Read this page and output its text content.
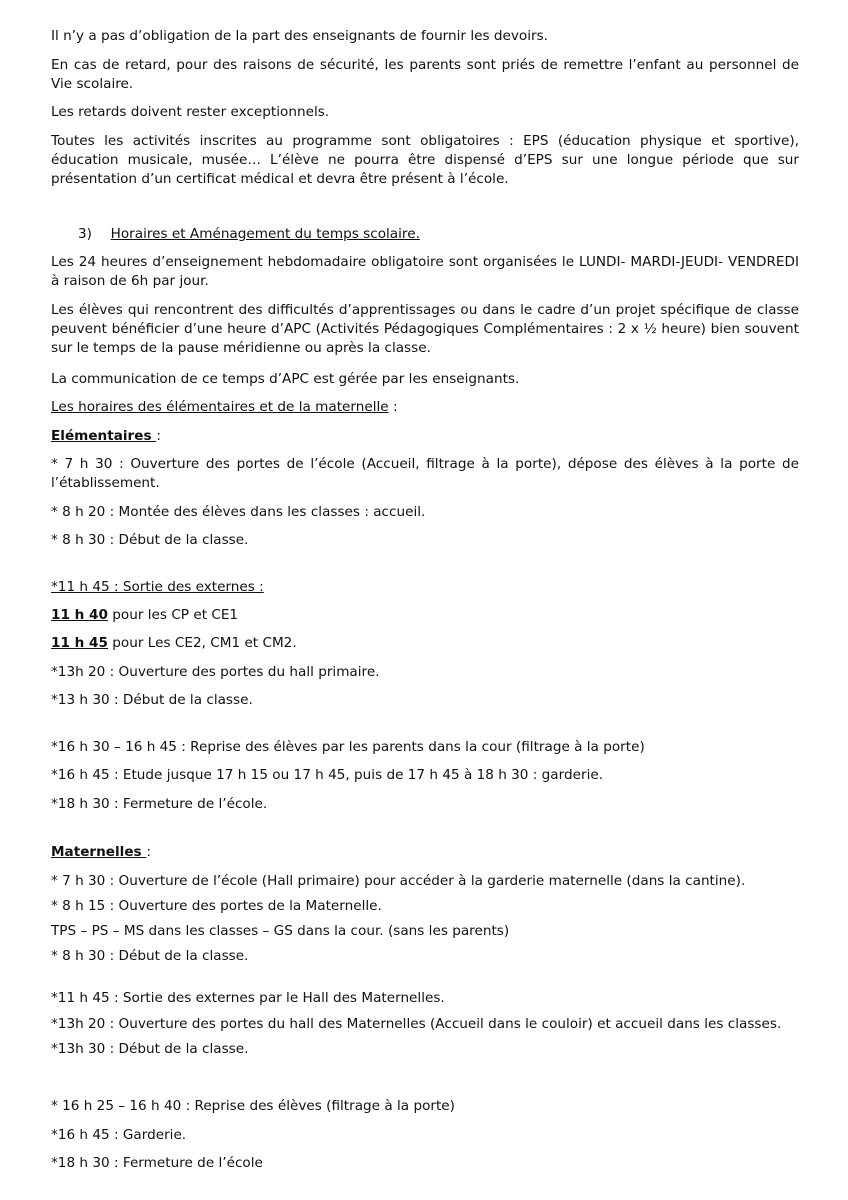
Il n’y a pas d’obligation de la part des enseignants de fournir les devoirs.

En cas de retard, pour des raisons de sécurité, les parents sont priés de remettre l’enfant au personnel de Vie scolaire.

Les retards doivent rester exceptionnels.

Toutes les activités inscrites au programme sont obligatoires : EPS (éducation physique et sportive), éducation musicale, musée… L’élève ne pourra être dispensé d’EPS sur une longue période que sur présentation d’un certificat médical et devra être présent à l’école.

3) Horaires et Aménagement du temps scolaire.

Les 24 heures d’enseignement hebdomadaire obligatoire sont organisées le LUNDI- MARDI-JEUDI- VENDREDI à raison de 6h par jour.

Les élèves qui rencontrent des difficultés d’apprentissages ou dans le cadre d’un projet spécifique de classe peuvent bénéficier d’une heure d’APC (Activités Pédagogiques Complémentaires : 2 x ½ heure) bien souvent sur le temps de la pause méridienne ou après la classe.

La communication de ce temps d’APC est gérée par les enseignants.

Les horaires des élémentaires et de la maternelle :

Elémentaires :

* 7 h 30 : Ouverture des portes de l’école (Accueil, filtrage à la porte), dépose des élèves à la porte de l’établissement.

* 8 h 20 : Montée des élèves dans les classes : accueil.

* 8 h 30 : Début de la classe.

*11 h 45 : Sortie des externes :

11 h 40 pour les CP et CE1

11 h 45 pour Les CE2, CM1 et CM2.

*13h 20 : Ouverture des portes du hall primaire.

*13 h 30 : Début de la classe.

*16 h 30 – 16 h 45 : Reprise des élèves par les parents dans la cour (filtrage à la porte)

*16 h 45 : Etude jusque 17 h 15 ou 17 h 45, puis de 17 h 45 à 18 h 30 : garderie.

*18 h 30 : Fermeture de l’école.

Maternelles :

* 7 h 30 : Ouverture de l’école (Hall primaire) pour accéder à la garderie maternelle (dans la cantine).

* 8 h 15 : Ouverture des portes de la Maternelle.

TPS – PS – MS dans les classes – GS dans la cour. (sans les parents)

* 8 h 30 : Début de la classe.

*11 h 45 : Sortie des externes par le Hall des Maternelles.

*13h 20 : Ouverture des portes du hall des Maternelles (Accueil dans le couloir) et accueil dans les classes.

*13h 30 : Début de la classe.

* 16 h 25 – 16 h 40 : Reprise des élèves (filtrage à la porte)

*16 h 45 : Garderie.

*18 h 30 : Fermeture de l’école
